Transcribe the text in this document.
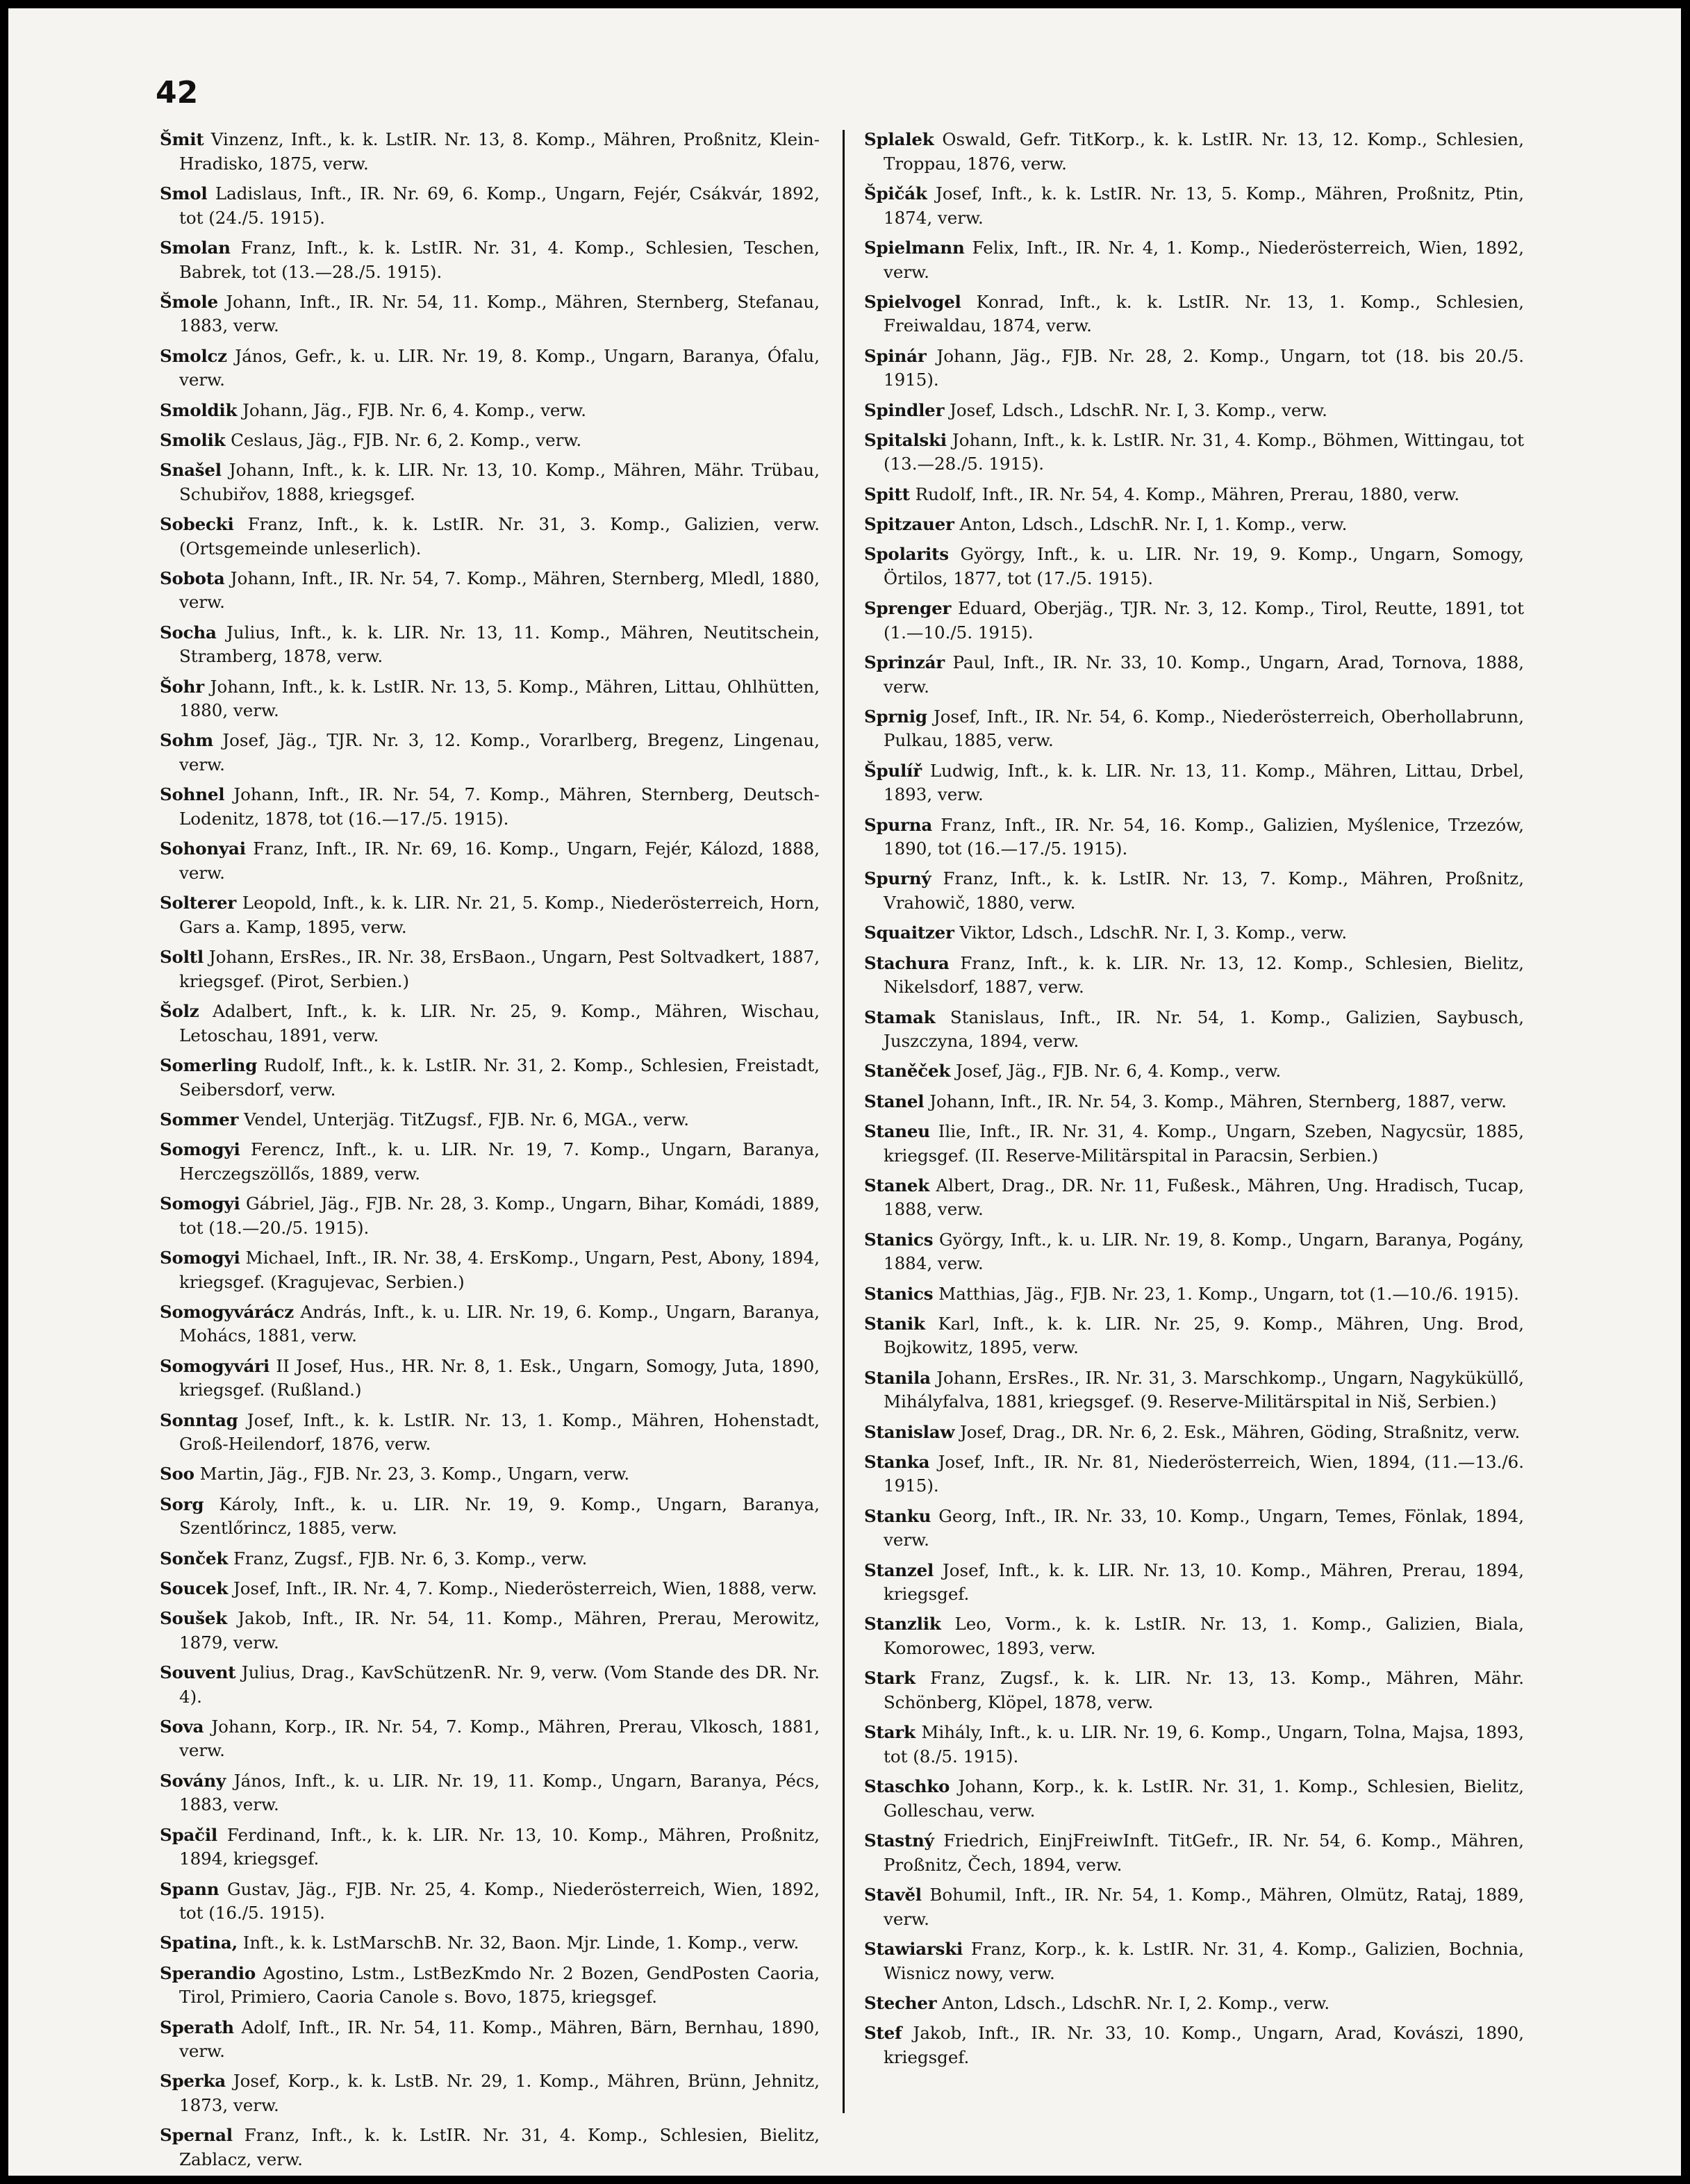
42

Šmit Vinzenz, Inft., k. k. LstIR. Nr. 13, 8. Komp., Mähren, Proßnitz, Klein-Hradisko, 1875, verw.

Smol Ladislaus, Inft., IR. Nr. 69, 6. Komp., Ungarn, Fejér, Csákvár, 1892, tot (24./5. 1915).

Smolan Franz, Inft., k. k. LstIR. Nr. 31, 4. Komp., Schlesien, Teschen, Babrek, tot (13.—28./5. 1915).

Šmole Johann, Inft., IR. Nr. 54, 11. Komp., Mähren, Sternberg, Stefanau, 1883, verw.

Smolcz János, Gefr., k. u. LIR. Nr. 19, 8. Komp., Ungarn, Baranya, Ófalu, verw.

Smoldik Johann, Jäg., FJB. Nr. 6, 4. Komp., verw.

Smolik Ceslaus, Jäg., FJB. Nr. 6, 2. Komp., verw.

Snašel Johann, Inft., k. k. LIR. Nr. 13, 10. Komp., Mähren, Mähr. Trübau, Schubiřov, 1888, kriegsgef.

Sobecki Franz, Inft., k. k. LstIR. Nr. 31, 3. Komp., Galizien, verw. (Ortsgemeinde unleserlich).

Sobota Johann, Inft., IR. Nr. 54, 7. Komp., Mähren, Sternberg, Mledl, 1880, verw.

Socha Julius, Inft., k. k. LIR. Nr. 13, 11. Komp., Mähren, Neutitschein, Stramberg, 1878, verw.

Šohr Johann, Inft., k. k. LstIR. Nr. 13, 5. Komp., Mähren, Littau, Ohlhütten, 1880, verw.

Sohm Josef, Jäg., TJR. Nr. 3, 12. Komp., Vorarlberg, Bregenz, Lingenau, verw.

Sohnel Johann, Inft., IR. Nr. 54, 7. Komp., Mähren, Sternberg, Deutsch-Lodenitz, 1878, tot (16.—17./5. 1915).

Sohonyai Franz, Inft., IR. Nr. 69, 16. Komp., Ungarn, Fejér, Kálozd, 1888, verw.

Solterer Leopold, Inft., k. k. LIR. Nr. 21, 5. Komp., Niederösterreich, Horn, Gars a. Kamp, 1895, verw.

Soltl Johann, ErsRes., IR. Nr. 38, ErsBaon., Ungarn, Pest Soltvadkert, 1887, kriegsgef. (Pirot, Serbien.)

Šolz Adalbert, Inft., k. k. LIR. Nr. 25, 9. Komp., Mähren, Wischau, Letoschau, 1891, verw.

Somerling Rudolf, Inft., k. k. LstIR. Nr. 31, 2. Komp., Schlesien, Freistadt, Seibersdorf, verw.

Sommer Vendel, Unterjäg. TitZugsf., FJB. Nr. 6, MGA., verw.

Somogyi Ferencz, Inft., k. u. LIR. Nr. 19, 7. Komp., Ungarn, Baranya, Herczegszöllős, 1889, verw.

Somogyi Gábriel, Jäg., FJB. Nr. 28, 3. Komp., Ungarn, Bihar, Komádi, 1889, tot (18.—20./5. 1915).

Somogyi Michael, Inft., IR. Nr. 38, 4. ErsKomp., Ungarn, Pest, Abony, 1894, kriegsgef. (Kragujevac, Serbien.)

Somogyvárácz András, Inft., k. u. LIR. Nr. 19, 6. Komp., Ungarn, Baranya, Mohács, 1881, verw.

Somogyvári II Josef, Hus., HR. Nr. 8, 1. Esk., Ungarn, Somogy, Juta, 1890, kriegsgef. (Rußland.)

Sonntag Josef, Inft., k. k. LstIR. Nr. 13, 1. Komp., Mähren, Hohenstadt, Groß-Heilendorf, 1876, verw.

Soo Martin, Jäg., FJB. Nr. 23, 3. Komp., Ungarn, verw.

Sorg Károly, Inft., k. u. LIR. Nr. 19, 9. Komp., Ungarn, Baranya, Szentlőrincz, 1885, verw.

Sonček Franz, Zugsf., FJB. Nr. 6, 3. Komp., verw.

Soucek Josef, Inft., IR. Nr. 4, 7. Komp., Niederösterreich, Wien, 1888, verw.

Soušek Jakob, Inft., IR. Nr. 54, 11. Komp., Mähren, Prerau, Merowitz, 1879, verw.

Souvent Julius, Drag., KavSchützenR. Nr. 9, verw. (Vom Stande des DR. Nr. 4).

Sova Johann, Korp., IR. Nr. 54, 7. Komp., Mähren, Prerau, Vlkosch, 1881, verw.

Sovány János, Inft., k. u. LIR. Nr. 19, 11. Komp., Ungarn, Baranya, Pécs, 1883, verw.

Spačil Ferdinand, Inft., k. k. LIR. Nr. 13, 10. Komp., Mähren, Proßnitz, 1894, kriegsgef.

Spann Gustav, Jäg., FJB. Nr. 25, 4. Komp., Niederösterreich, Wien, 1892, tot (16./5. 1915).

Spatina, Inft., k. k. LstMarschB. Nr. 32, Baon. Mjr. Linde, 1. Komp., verw.

Sperandio Agostino, Lstm., LstBezKmdo Nr. 2 Bozen, GendPosten Caoria, Tirol, Primiero, Caoria Canole s. Bovo, 1875, kriegsgef.

Sperath Adolf, Inft., IR. Nr. 54, 11. Komp., Mähren, Bärn, Bernhau, 1890, verw.

Sperka Josef, Korp., k. k. LstB. Nr. 29, 1. Komp., Mähren, Brünn, Jehnitz, 1873, verw.

Spernal Franz, Inft., k. k. LstIR. Nr. 31, 4. Komp., Schlesien, Bielitz, Zablacz, verw.

Splalek Oswald, Gefr. TitKorp., k. k. LstIR. Nr. 13, 12. Komp., Schlesien, Troppau, 1876, verw.

Špičák Josef, Inft., k. k. LstIR. Nr. 13, 5. Komp., Mähren, Proßnitz, Ptin, 1874, verw.

Spielmann Felix, Inft., IR. Nr. 4, 1. Komp., Niederösterreich, Wien, 1892, verw.

Spielvogel Konrad, Inft., k. k. LstIR. Nr. 13, 1. Komp., Schlesien, Freiwaldau, 1874, verw.

Spinár Johann, Jäg., FJB. Nr. 28, 2. Komp., Ungarn, tot (18. bis 20./5. 1915).

Spindler Josef, Ldsch., LdschR. Nr. I, 3. Komp., verw.

Spitalski Johann, Inft., k. k. LstIR. Nr. 31, 4. Komp., Böhmen, Wittingau, tot (13.—28./5. 1915).

Spitt Rudolf, Inft., IR. Nr. 54, 4. Komp., Mähren, Prerau, 1880, verw.

Spitzauer Anton, Ldsch., LdschR. Nr. I, 1. Komp., verw.

Spolarits György, Inft., k. u. LIR. Nr. 19, 9. Komp., Ungarn, Somogy, Örtilos, 1877, tot (17./5. 1915).

Sprenger Eduard, Oberjäg., TJR. Nr. 3, 12. Komp., Tirol, Reutte, 1891, tot (1.—10./5. 1915).

Sprinzár Paul, Inft., IR. Nr. 33, 10. Komp., Ungarn, Arad, Tornova, 1888, verw.

Sprnig Josef, Inft., IR. Nr. 54, 6. Komp., Niederösterreich, Oberhollabrunn, Pulkau, 1885, verw.

Špulíř Ludwig, Inft., k. k. LIR. Nr. 13, 11. Komp., Mähren, Littau, Drbel, 1893, verw.

Spurna Franz, Inft., IR. Nr. 54, 16. Komp., Galizien, Myślenice, Trzezów, 1890, tot (16.—17./5. 1915).

Spurný Franz, Inft., k. k. LstIR. Nr. 13, 7. Komp., Mähren, Proßnitz, Vrahowič, 1880, verw.

Squaitzer Viktor, Ldsch., LdschR. Nr. I, 3. Komp., verw.

Stachura Franz, Inft., k. k. LIR. Nr. 13, 12. Komp., Schlesien, Bielitz, Nikelsdorf, 1887, verw.

Stamak Stanislaus, Inft., IR. Nr. 54, 1. Komp., Galizien, Saybusch, Juszczyna, 1894, verw.

Staněček Josef, Jäg., FJB. Nr. 6, 4. Komp., verw.

Stanel Johann, Inft., IR. Nr. 54, 3. Komp., Mähren, Sternberg, 1887, verw.

Staneu Ilie, Inft., IR. Nr. 31, 4. Komp., Ungarn, Szeben, Nagycsür, 1885, kriegsgef. (II. Reserve-Militärspital in Paracsin, Serbien.)

Stanek Albert, Drag., DR. Nr. 11, Fußesk., Mähren, Ung. Hradisch, Tucap, 1888, verw.

Stanics György, Inft., k. u. LIR. Nr. 19, 8. Komp., Ungarn, Baranya, Pogány, 1884, verw.

Stanics Matthias, Jäg., FJB. Nr. 23, 1. Komp., Ungarn, tot (1.—10./6. 1915).

Stanik Karl, Inft., k. k. LIR. Nr. 25, 9. Komp., Mähren, Ung. Brod, Bojkowitz, 1895, verw.

Stanila Johann, ErsRes., IR. Nr. 31, 3. Marschkomp., Ungarn, Nagyküküllő, Mihályfalva, 1881, kriegsgef. (9. Reserve-Militärspital in Niš, Serbien.)

Stanislaw Josef, Drag., DR. Nr. 6, 2. Esk., Mähren, Göding, Straßnitz, verw.

Stanka Josef, Inft., IR. Nr. 81, Niederösterreich, Wien, 1894, (11.—13./6. 1915).

Stanku Georg, Inft., IR. Nr. 33, 10. Komp., Ungarn, Temes, Fönlak, 1894, verw.

Stanzel Josef, Inft., k. k. LIR. Nr. 13, 10. Komp., Mähren, Prerau, 1894, kriegsgef.

Stanzlik Leo, Vorm., k. k. LstIR. Nr. 13, 1. Komp., Galizien, Biala, Komorowec, 1893, verw.

Stark Franz, Zugsf., k. k. LIR. Nr. 13, 13. Komp., Mähren, Mähr. Schönberg, Klöpel, 1878, verw.

Stark Mihály, Inft., k. u. LIR. Nr. 19, 6. Komp., Ungarn, Tolna, Majsa, 1893, tot (8./5. 1915).

Staschko Johann, Korp., k. k. LstIR. Nr. 31, 1. Komp., Schlesien, Bielitz, Golleschau, verw.

Stastný Friedrich, EinjFreiwInft. TitGefr., IR. Nr. 54, 6. Komp., Mähren, Proßnitz, Čech, 1894, verw.

Stavěl Bohumil, Inft., IR. Nr. 54, 1. Komp., Mähren, Olmütz, Rataj, 1889, verw.

Stawiarski Franz, Korp., k. k. LstIR. Nr. 31, 4. Komp., Galizien, Bochnia, Wisnicz nowy, verw.

Stecher Anton, Ldsch., LdschR. Nr. I, 2. Komp., verw.

Stef Jakob, Inft., IR. Nr. 33, 10. Komp., Ungarn, Arad, Kovászi, 1890, kriegsgef.
